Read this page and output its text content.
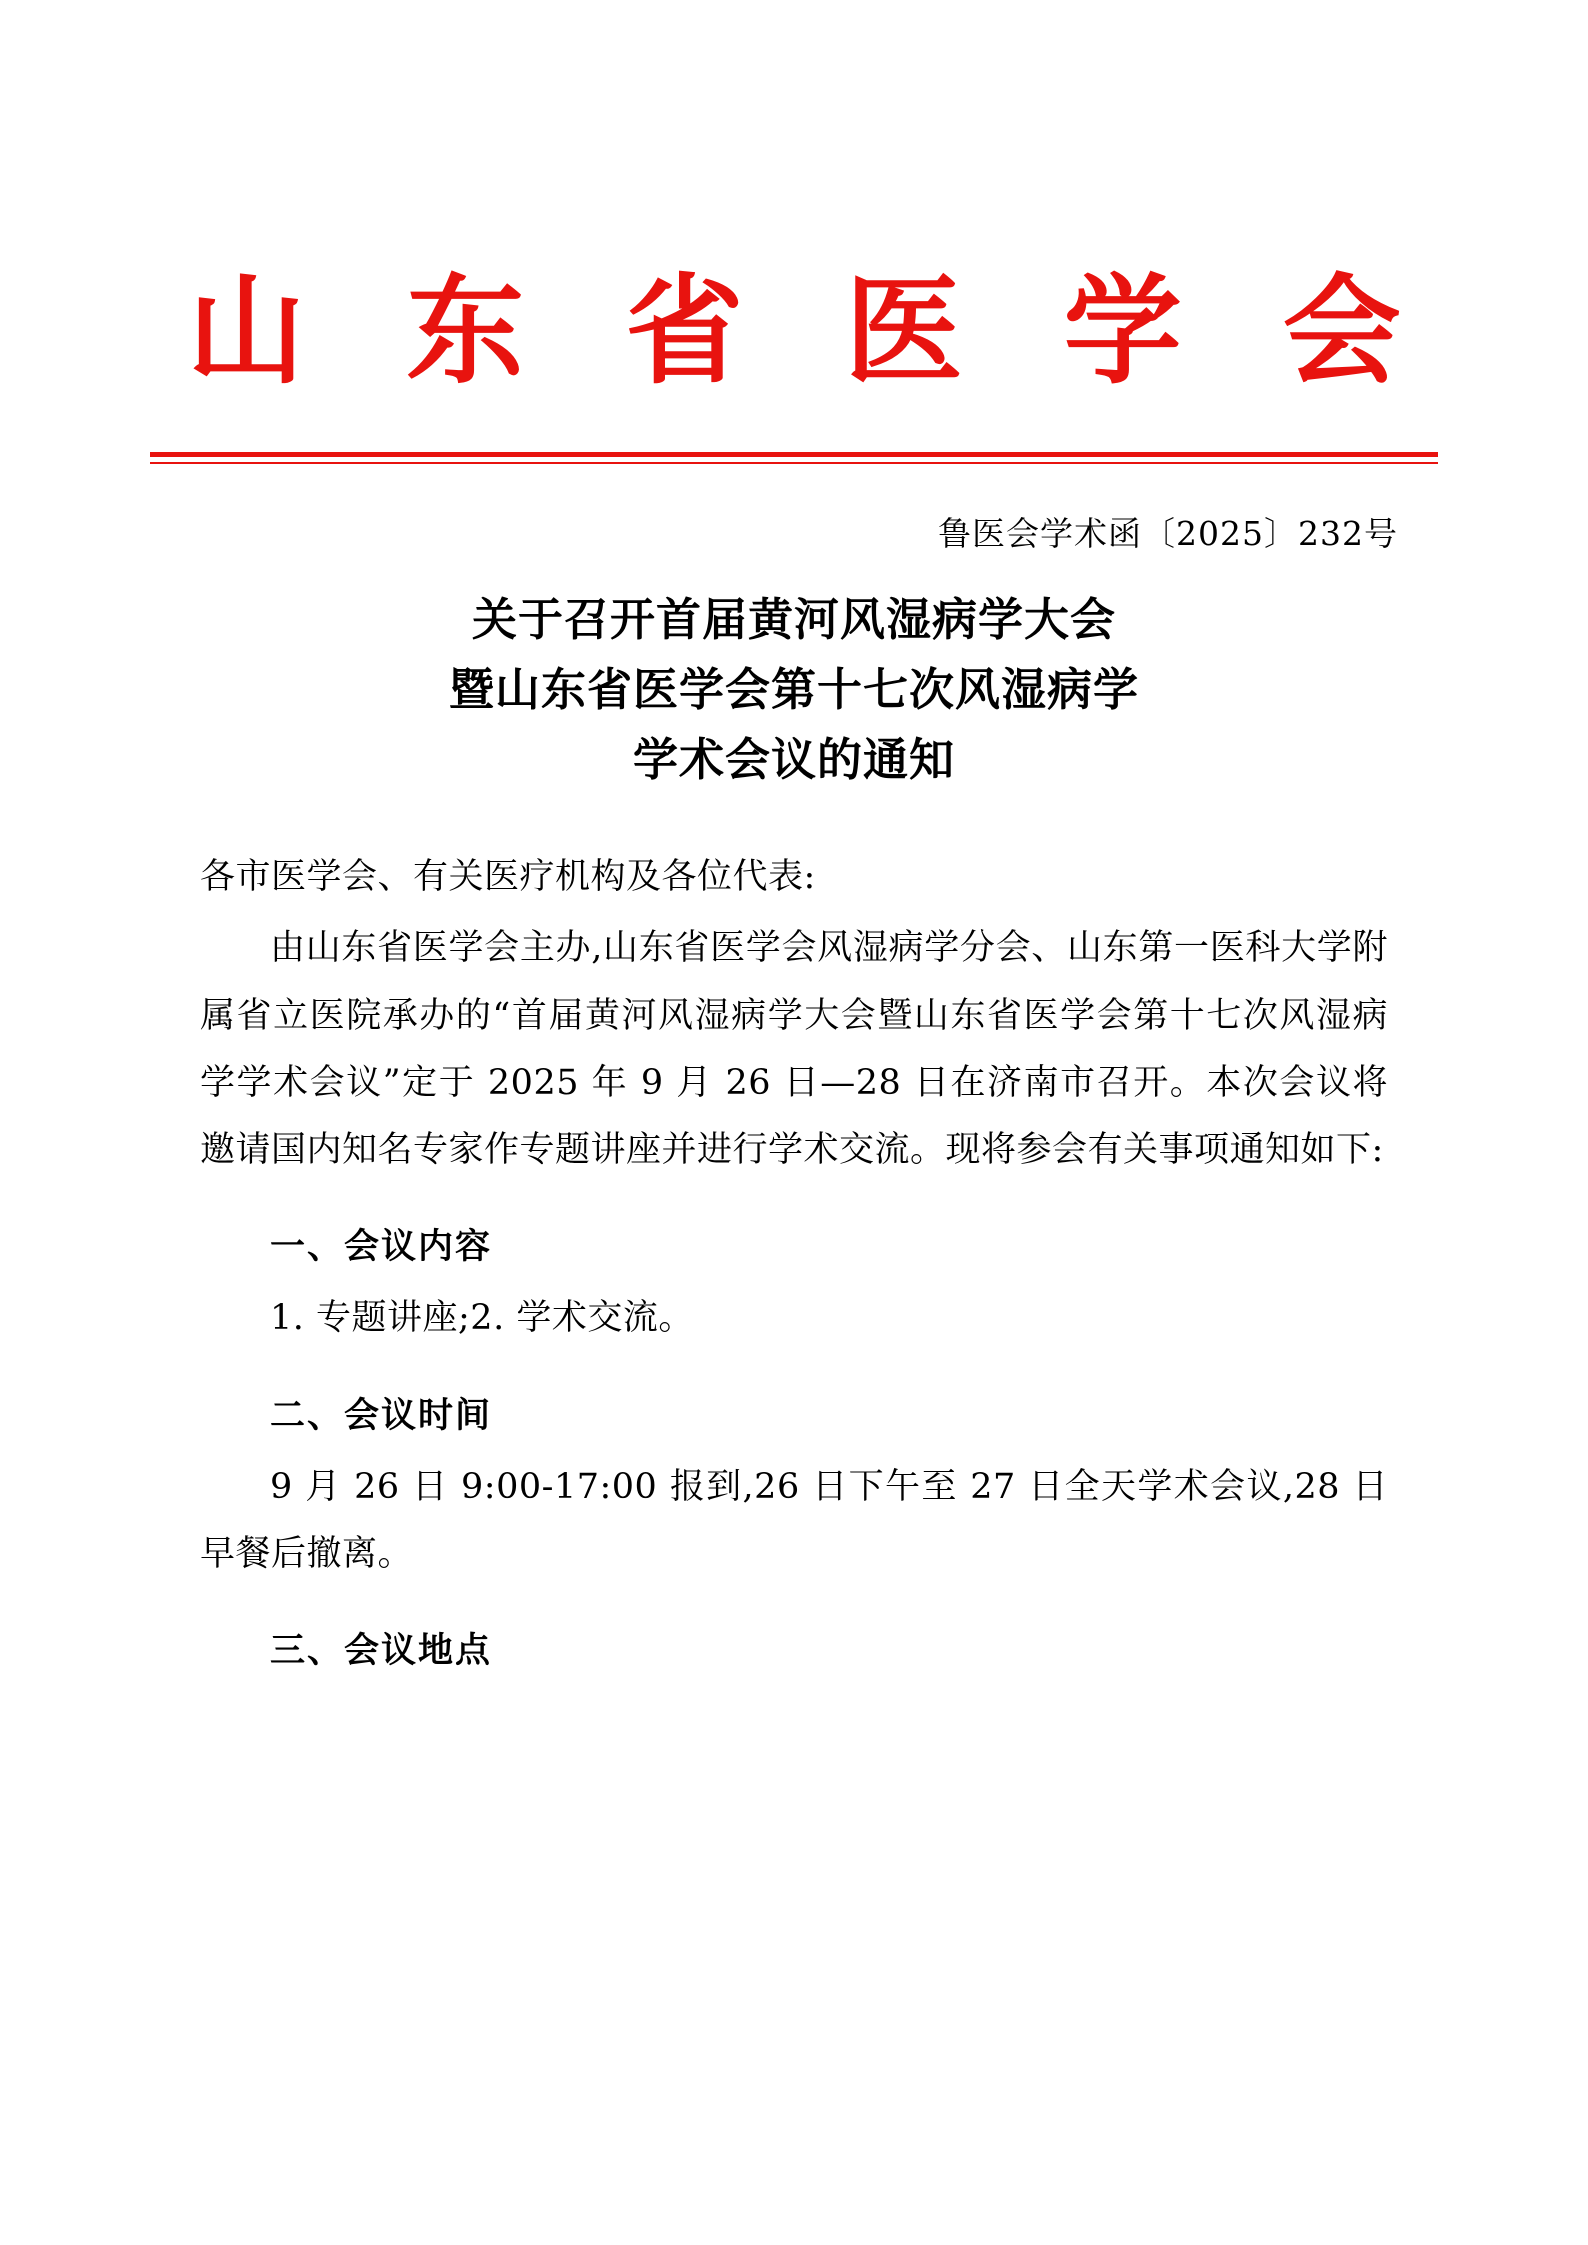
山 东 省 医 学 会
鲁医会学术函〔2025〕232号
关于召开首届黄河风湿病学大会
暨山东省医学会第十七次风湿病学
学术会议的通知

各市医学会、有关医疗机构及各位代表:

由山东省医学会主办,山东省医学会风湿病学分会、山东第一医科大学附属省立医院承办的“首届黄河风湿病学大会暨山东省医学会第十七次风湿病学学术会议”定于 2025 年 9 月 26 日—28 日在济南市召开。本次会议将邀请国内知名专家作专题讲座并进行学术交流。现将参会有关事项通知如下:

一、会议内容

1. 专题讲座;2. 学术交流。

二、会议时间

9 月 26 日 9:00-17:00 报到,26 日下午至 27 日全天学术会议,28 日早餐后撤离。

三、会议地点
